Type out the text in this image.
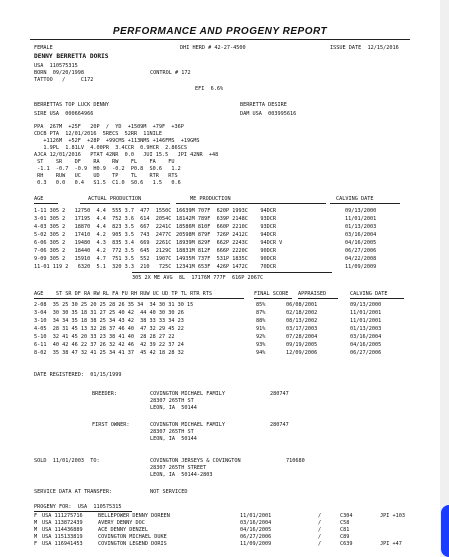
PERFORMANCE AND PROGENY REPORT
FEMALE	DHI HERD # 42-27-4500	ISSUE DATE  12/15/2016
DENNY BERRETTA DORIS
USA  110575315
BORN  09/20/1998	CONTROL # 172
TATTOO   /     C172
EFI  6.6%
BERRETTAS TOP LUCK DENNY	BERRETTA DESIRE
SIRE USA  000664966	DAM USA  003995616
PPA  267M  +25F   20P  /  YD  +1509M  +79F  +36P
CDCB PTA  12/01/2016  5RECS  52RR  11NILE
+1126M  +52F  +28P  +99CMS +113NMS +146FMS  +19GMS
1.9PL  1.81LV  4.00PR  3.4CCR  0.9HCR  2.86SCS
AJCA 12/01/2016   PTAT 42NR  0.0   JUI 15.5   JPI 42NR  +48
ST    SR    DF    RA    RW    FL    FA    FU
-1.1  -0.7  -0.9  H0.9  -0.2  P0.8  S0.6   1.2
RH    RUW   UC    UD    TP    TL    RTR   RTS
0.3   0.0   0.4   S1.5  C1.0  S0.6   1.5   0.6
AGE	ACTUAL PRODUCTION	ME PRODUCTION	CALVING DATE
1-11 305 2   12750  4.4  555 3.7  477  1550C 16639M 707F  620P 1993C    94DCR	09/13/2000
3-01 305 2   17195  4.4  752 3.6  614  2054C 18142M 789F  639P 2148C    93DCR	11/01/2001
4-03 305 2   18870  4.4  823 3.5  667  2241C 18586M 810F  660P 2210C    93DCR	01/13/2003
5-02 305 2   17410  4.2  905 3.5  743  2477C 20598M 879F  726P 2412C    94DCR	03/16/2004
6-06 305 2   19480  4.3  835 3.4  669  2261C 18939M 829F  662P 2243C    94DCR V	04/16/2005
7-06 305 2   18440  4.2  772 3.5  645  2129C 18831M 812F  666P 2220C    90DCR	06/27/2006
9-09 305 2   15910  4.7  751 3.5  552  1907C 14935M 737F  531P 1835C    90DCR	04/22/2008
11-01 119 2   6320  5.1  320 3.3  210   725C 12341M 653F  426P 1472C    70DCR	11/09/2009
305 2X ME AVG  8L  17176M 777F  616P 2067C
AGE    ST SR DF RA RW RL FA FU RH RUW UC UD TP TL RTR RTS	FINAL SCORE APPRAISED	CALVING DATE
2-08  35 25 30 25 20 25 28 26 35 34  34 30 31 30 15	85%	06/08/2001	09/13/2000
3-04  30 30 35 18 31 27 25 40 42  44 40 30 30 26	87%	02/18/2002	11/01/2001
3-10  34 34 35 18 38 25 34 43 42  38 33 33 34 23	88%	08/13/2002	11/01/2001
4-05  28 31 45 13 32 28 37 46 40  47 32 29 45 22	91%	03/17/2003	01/13/2003
5-10  32 41 45 20 33 23 38 41 40  28 28 27 22	92%	07/28/2004	03/16/2004
6-11  40 42 46 22 37 26 32 42 46  42 39 22 37 24	93%	09/19/2005	04/16/2005
8-02  35 38 47 32 41 25 34 41 37  45 42 18 28 32	94%	12/09/2006	06/27/2006
DATE REGISTERED:  01/15/1999
BREEDER:	COVINGTON MICHAEL FAMILY
28307 265TH ST
LEON, IA  50144
280747
FIRST OWNER:	COVINGTON MICHAEL FAMILY
28307 265TH ST
LEON, IA  50144
280747
SOLD  11/01/2003  TO:	COVINGTON JERSEYS & COVINGTON
28307 265TH STREET
LEON, IA  50144-2803
710680
SERVICE DATA AT TRANSFER:	NOT SERVICED
PROGENY FOR:  USA  110575315
F USA 111275716	BELLEPOWER DENNY DOREEN	11/01/2001	/	C304	JPI +103
M USA 113872439	AVERY DENNY DOC	03/16/2004	/	C58
M USA 114436889	ACE DENNY DENZEL	04/16/2005	/	C81
M USA 115133819	COVINGTON MICHAEL DUKE	06/27/2006	/	C89
F USA 116941453	COVINGTON LEGEND DORIS	11/09/2009	/	C639	JPI +47
